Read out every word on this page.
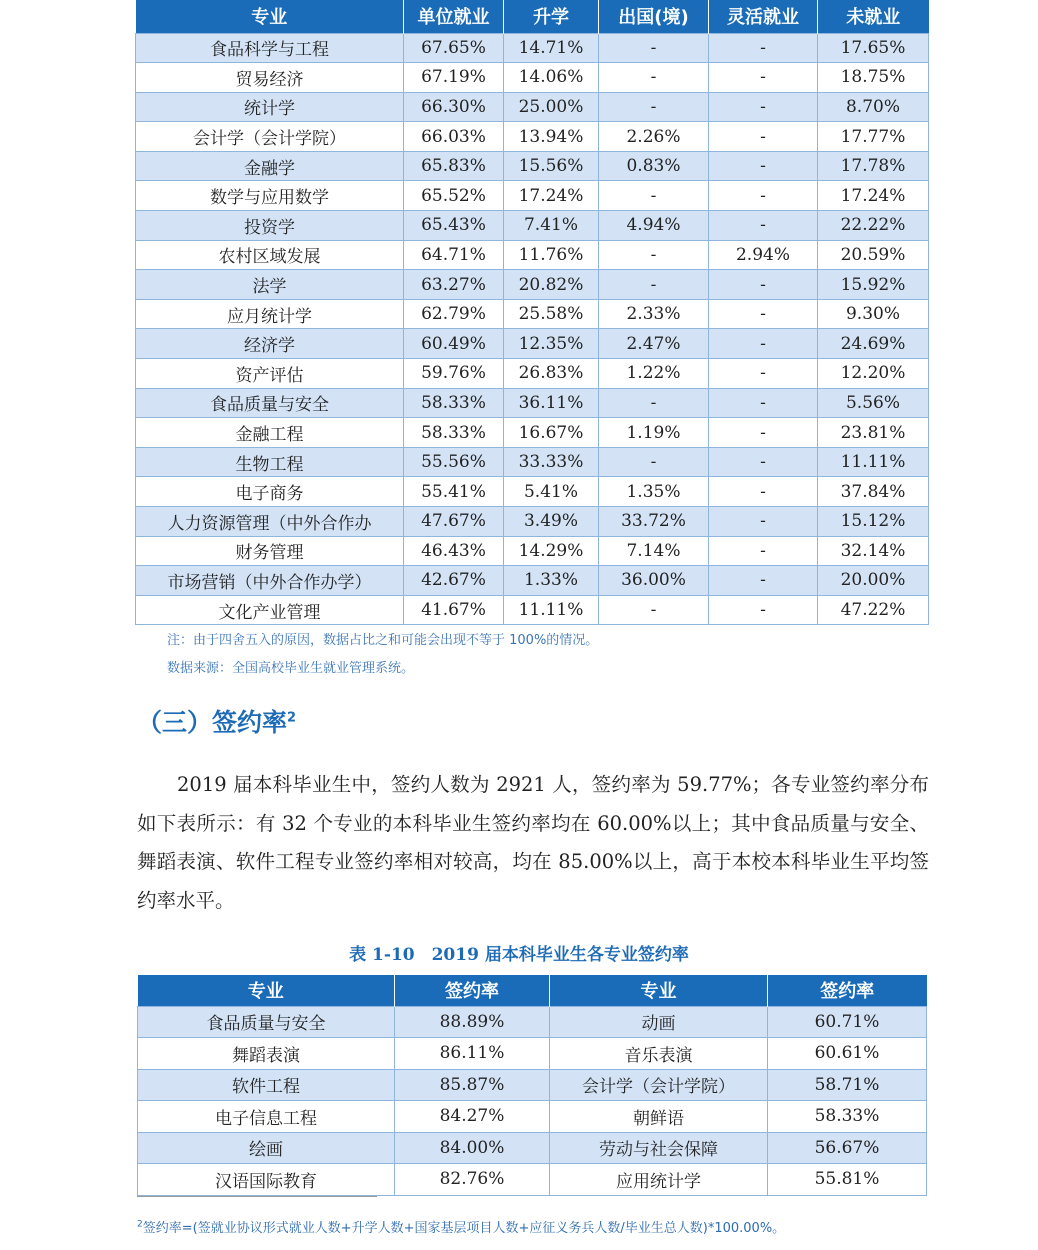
专业	单位就业	升学	出国(境)	灵活就业	未就业
食品科学与工程	67.65%	14.71%	-	-	17.65%
贸易经济	67.19%	14.06%	-	-	18.75%
统计学	66.30%	25.00%	-	-	8.70%
会计学（会计学院）	66.03%	13.94%	2.26%	-	17.77%
金融学	65.83%	15.56%	0.83%	-	17.78%
数学与应用数学	65.52%	17.24%	-	-	17.24%
投资学	65.43%	7.41%	4.94%	-	22.22%
农村区域发展	64.71%	11.76%	-	2.94%	20.59%
法学	63.27%	20.82%	-	-	15.92%
应月统计学	62.79%	25.58%	2.33%	-	9.30%
经济学	60.49%	12.35%	2.47%	-	24.69%
资产评估	59.76%	26.83%	1.22%	-	12.20%
食品质量与安全	58.33%	36.11%	-	-	5.56%
金融工程	58.33%	16.67%	1.19%	-	23.81%
生物工程	55.56%	33.33%	-	-	11.11%
电子商务	55.41%	5.41%	1.35%	-	37.84%
人力资源管理（中外合作办	47.67%	3.49%	33.72%	-	15.12%
财务管理	46.43%	14.29%	7.14%	-	32.14%
市场营销（中外合作办学）	42.67%	1.33%	36.00%	-	20.00%
文化产业管理	41.67%	11.11%	-	-	47.22%
注：由于四舍五入的原因，数据占比之和可能会出现不等于 100%的情况。
数据来源：全国高校毕业生就业管理系统。
（三）签约率$^2$

2019 届本科毕业生中，签约人数为 2921 人，签约率为 59.77%；各专业签约率分布如下表所示：有 32 个专业的本科毕业生签约率均在 60.00%以上；其中食品质量与安全、舞蹈表演、软件工程专业签约率相对较高，均在 85.00%以上，高于本校本科毕业生平均签约率水平。

表 1-10　2019 届本科毕业生各专业签约率
专业	签约率	专业	签约率
食品质量与安全	88.89%	动画	60.71%
舞蹈表演	86.11%	音乐表演	60.61%
软件工程	85.87%	会计学（会计学院）	58.71%
电子信息工程	84.27%	朝鲜语	58.33%
绘画	84.00%	劳动与社会保障	56.67%
汉语国际教育	82.76%	应用统计学	55.81%
$^2$签约率=(签就业协议形式就业人数+升学人数+国家基层项目人数+应征义务兵人数/毕业生总人数)*100.00%。
